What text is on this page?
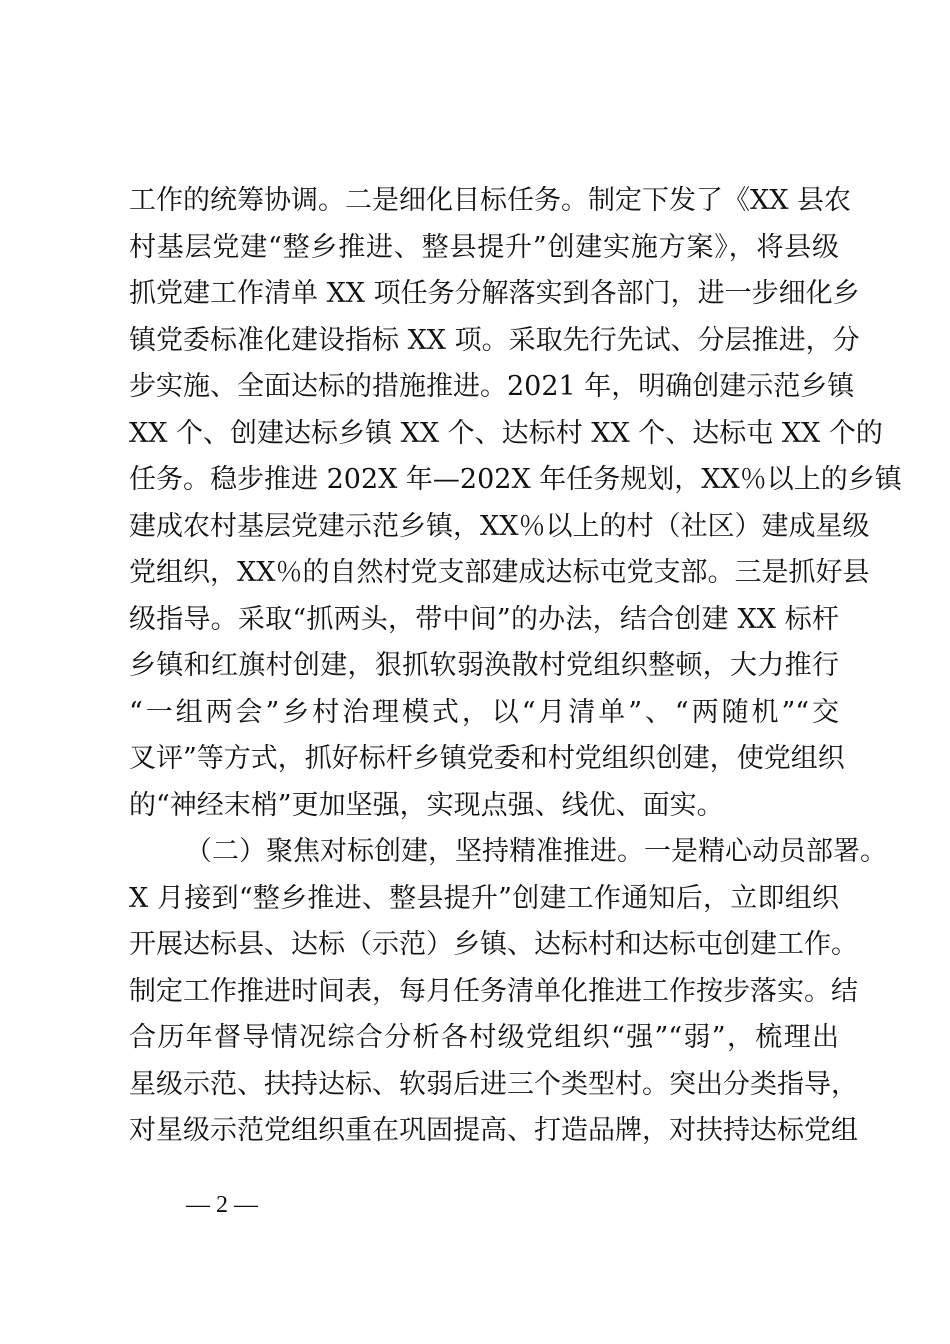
工作的统筹协调。二是细化目标任务。制定下发了《XX 县农
村基层党建“整乡推进、整县提升”创建实施方案》，将县级
抓党建工作清单 XX 项任务分解落实到各部门，进一步细化乡
镇党委标准化建设指标 XX 项。采取先行先试、分层推进，分
步实施、全面达标的措施推进。2021 年，明确创建示范乡镇
XX 个、创建达标乡镇 XX 个、达标村 XX 个、达标屯 XX 个的
任务。稳步推进 202X 年—202X 年任务规划，XX％以上的乡镇
建成农村基层党建示范乡镇，XX％以上的村（社区）建成星级
党组织，XX％的自然村党支部建成达标屯党支部。三是抓好县
级指导。采取“抓两头，带中间”的办法，结合创建 XX 标杆
乡镇和红旗村创建，狠抓软弱涣散村党组织整顿，大力推行
“一组两会”乡村治理模式，以“月清单”、“两随机”“交
叉评”等方式，抓好标杆乡镇党委和村党组织创建，使党组织
的“神经末梢”更加坚强，实现点强、线优、面实。
（二）聚焦对标创建，坚持精准推进。一是精心动员部署。
X 月接到“整乡推进、整县提升”创建工作通知后，立即组织
开展达标县、达标（示范）乡镇、达标村和达标屯创建工作。
制定工作推进时间表，每月任务清单化推进工作按步落实。结
合历年督导情况综合分析各村级党组织“强”“弱”，梳理出
星级示范、扶持达标、软弱后进三个类型村。突出分类指导，
对星级示范党组织重在巩固提高、打造品牌，对扶持达标党组
— 2 —
